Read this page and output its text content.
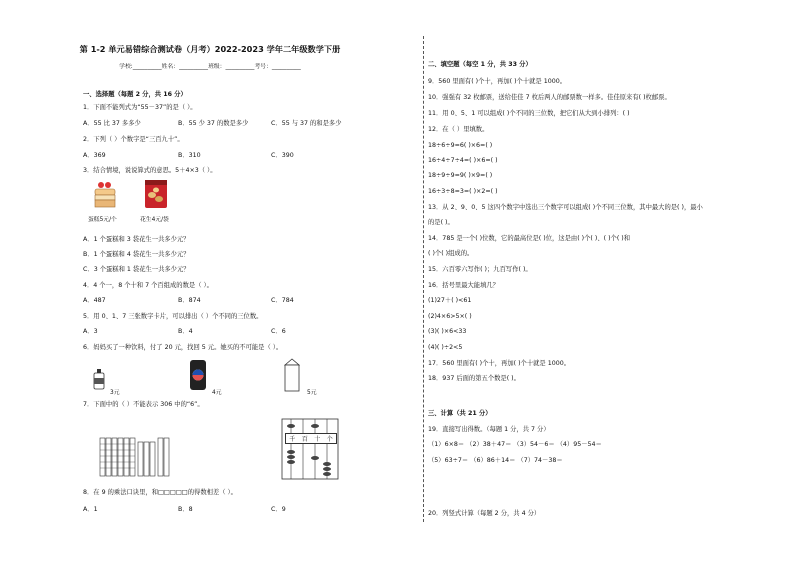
第 1-2 单元易错综合测试卷（月考）2022-2023 学年二年级数学下册
学校:__________姓名：__________班级：__________考号：__________
一、选择题（每题 2 分，共 16 分）
1．下面不能列式为“55－37”的是（ ）。
A．55 比 37 多多少	B．55 少 37 的数是多少	C．55 与 37 的和是多少
2．下列（ ）个数字是“三百九十”。
A．369	B．310	C．390
3．结合情境，说说算式的意思。5＋4×3（ ）。
蛋糕5元/个	花生4元/袋
A．1 个蛋糕和 3 袋花生一共多少元？
B．1 个蛋糕和 4 袋花生一共多少元？
C．3 个蛋糕和 1 袋花生一共多少元？
4．4 个一，8 个十和 7 个百组成的数是（ ）。
A．487	B．874	C．784
5．用 0、1、7 三张数字卡片，可以排出（ ）个不同的三位数。
A．3	B．4	C．6
6．妈妈买了一种饮料，付了 20 元，找回 5 元。她买的不可能是（ ）。
3元	4元	5元
7．下面中的（ ）不能表示 306 中的“6”。
千 百 十 个
8．在 9 的乘法口诀里，和□□□□□的得数相差（ ）。
A．1	B．8	C．9
二、填空题（每空 1 分，共 33 分）
9．560 里面有( )个十，再加( )个十就是 1000。
10．强强有 32 枚邮票，送给佳佳 7 枚后两人的邮票数一样多。佳佳原来有( )枚邮票。
11．用 0、5、1 可以组成( )个不同的三位数，把它们从大到小排列：( )
12．在（ ）里填数。
18÷6÷9=6( )×6=( )
16÷4÷7÷4=( )×6=( )
18÷9÷9=9( )×9=( )
16÷3÷8=3=( )×2=( )
13．从 2、9、0、5 这四个数字中选出三个数字可以组成( )个不同三位数，其中最大的是( )，最小
的是( )。
14．785 是一个( )位数，它的最高位是( )位，这是由( )个( )、( )个( )和
( )个( )组成的。
15．六百零六写作( )；九百写作( )。
16．括号里最大能填几？
(1)27＋( )<61
(2)4×6>5×( )
(3)( )×6<33
(4)( )÷2<5
17．560 里面有( )个十，再加( )个十就是 1000。
18．937 后面的第五个数是( )。
三、计算（共 21 分）
19．直接写出得数。（每题 1 分，共 7 分）
（1）6×8＝ （2）38＋47＝ （3）54－6＝ （4）95－54＝
（5）63÷7＝ （6）86＋14＝ （7）74－38＝
20．列竖式计算（每题 2 分，共 4 分）
